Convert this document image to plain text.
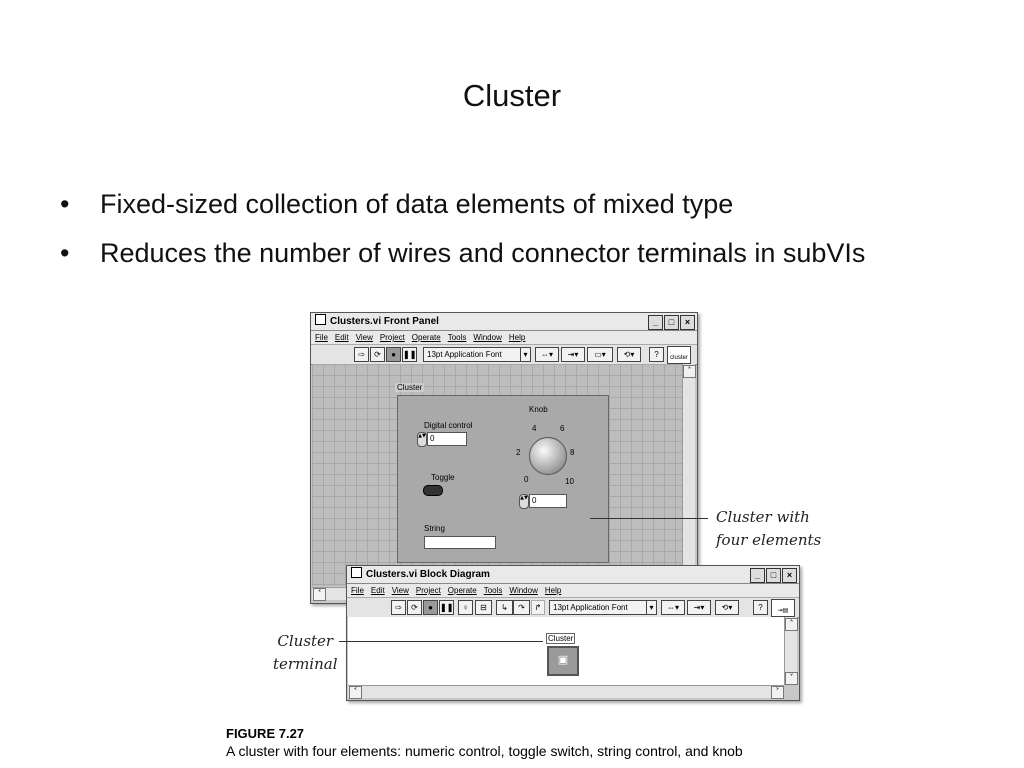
Cluster
• Fixed-sized collection of data elements of mixed type
• Reduces the number of wires and connector terminals in subVIs
Clusters.vi Front Panel	_ □ ×
File Edit View Project Operate Tools Window Help
⇨	⟳	● ❚❚	13pt Application Font	▾	⇔▾	⇥▾	▭▾	⟲▾	?	cluster
˄
˂
Cluster
Digital control
▲▼ 0
Toggle
String
Knob
4	6
2	8
0	10
▲▼ 0
Cluster with
four elements
Clusters.vi Block Diagram	_ □ ×
File Edit View Project Operate Tools Window Help
⇨	⟳	● ❚❚	♀	⊟	↳	↷	↱	13pt Application Font	▾	⇔▾	⇥▾	⟲▾	?	⇥▤
˄
˅
˂	˃
Cluster
▣
Cluster
terminal
FIGURE 7.27
A cluster with four elements: numeric control, toggle switch, string control, and knob
